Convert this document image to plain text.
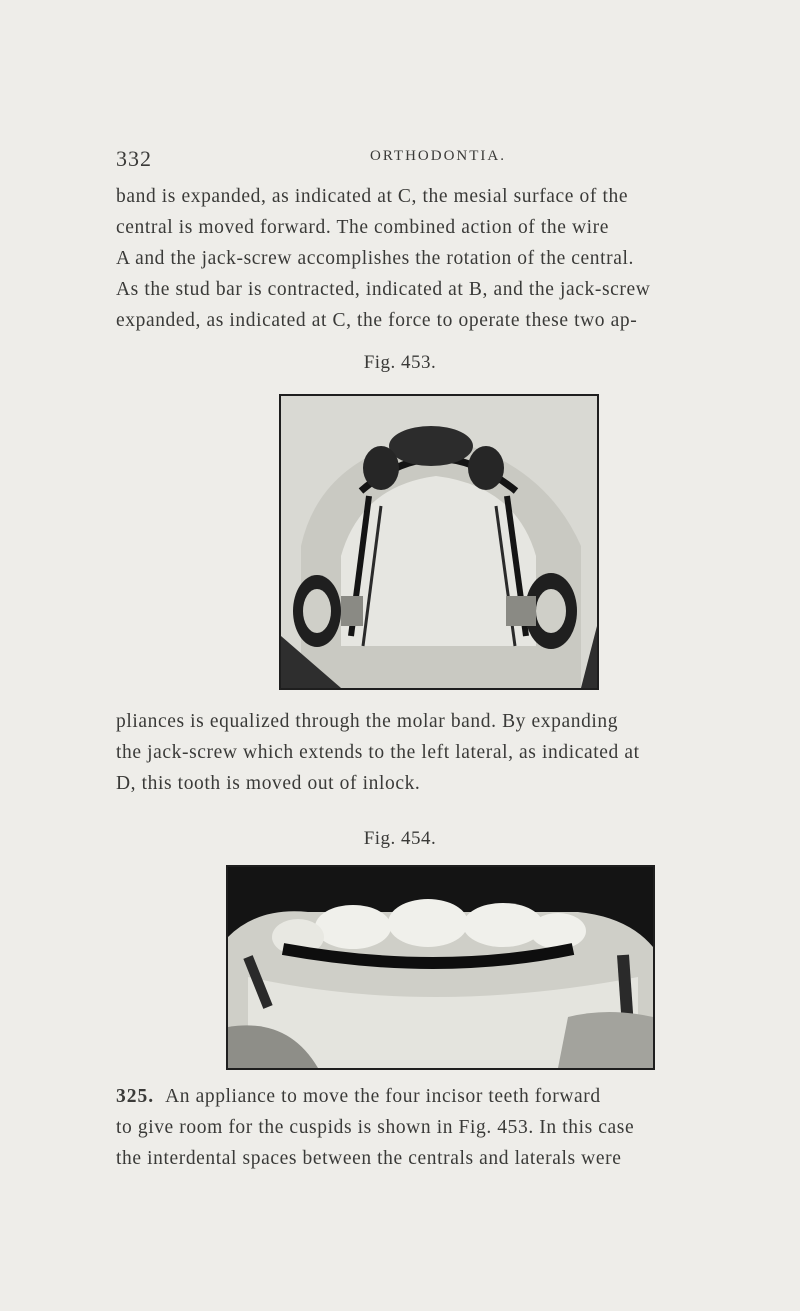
332	ORTHODONTIA.

band is expanded, as indicated at C, the mesial surface of the
central is moved forward. The combined action of the wire
A and the jack-screw accomplishes the rotation of the central.
As the stud bar is contracted, indicated at B, and the jack-screw
expanded, as indicated at C, the force to operate these two ap-

Fig. 453.

pliances is equalized through the molar band. By expanding
the jack-screw which extends to the left lateral, as indicated at
D, this tooth is moved out of inlock.

Fig. 454.

325. An appliance to move the four incisor teeth forward
to give room for the cuspids is shown in Fig. 453. In this case
the interdental spaces between the centrals and laterals were
